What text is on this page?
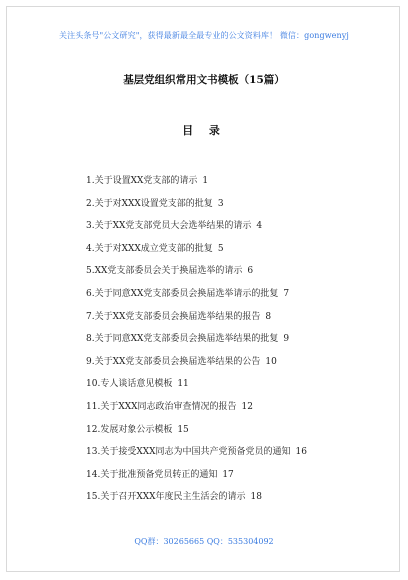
关注头条号"公文研究"，获得最新最全最专业的公文资料库！ 微信：gongwenyj
基层党组织常用文书模板（15篇）
目 录
1.关于设置XX党支部的请示 1
2.关于对XXX设置党支部的批复 3
3.关于XX党支部党员大会选举结果的请示 4
4.关于对XXX成立党支部的批复 5
5.XX党支部委员会关于换届选举的请示 6
6.关于同意XX党支部委员会换届选举请示的批复 7
7.关于XX党支部委员会换届选举结果的报告 8
8.关于同意XX党支部委员会换届选举结果的批复 9
9.关于XX党支部委员会换届选举结果的公告 10
10.专人谈话意见模板 11
11.关于XXX同志政治审查情况的报告 12
12.发展对象公示模板 15
13.关于接受XXX同志为中国共产党预备党员的通知 16
14.关于批准预备党员转正的通知 17
15.关于召开XXX年度民主生活会的请示 18
QQ群：30265665 QQ：535304092
